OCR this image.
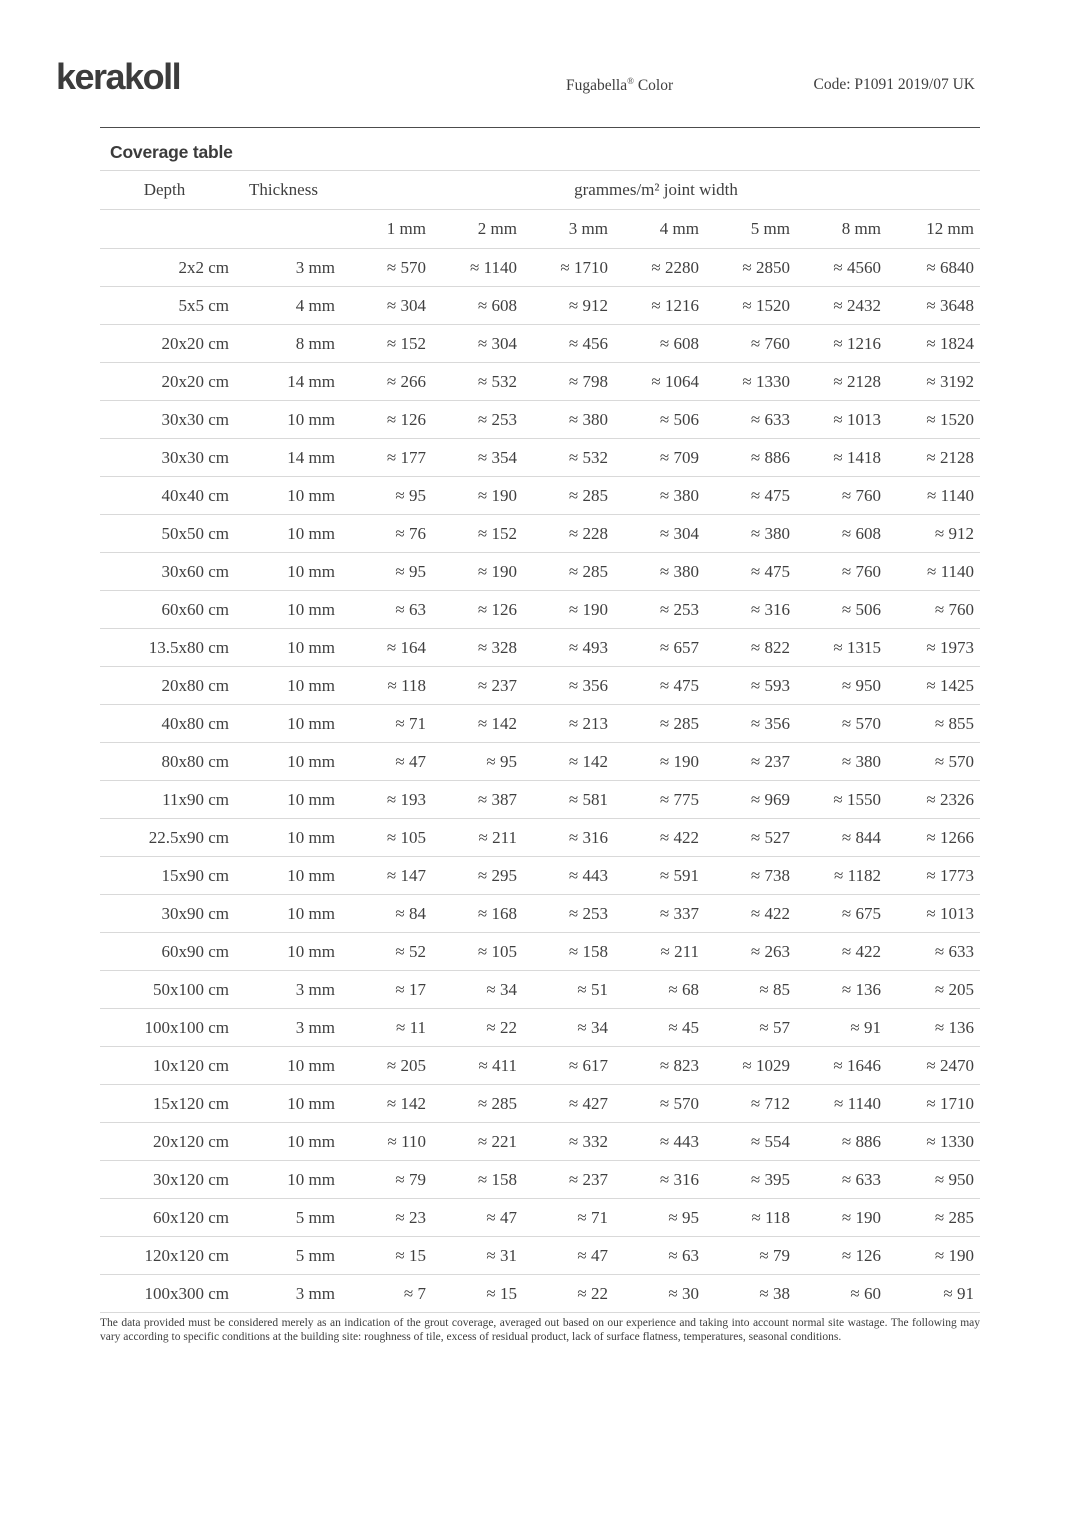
kerakoll	Fugabella® Color	Code: P1091 2019/07 UK
Coverage table
Depth	Thickness	grammes/m² joint width						
		1 mm	2 mm	3 mm	4 mm	5 mm	8 mm	12 mm
2x2 cm	3 mm	≈ 570	≈ 1140	≈ 1710	≈ 2280	≈ 2850	≈ 4560	≈ 6840
5x5 cm	4 mm	≈ 304	≈ 608	≈ 912	≈ 1216	≈ 1520	≈ 2432	≈ 3648
20x20 cm	8 mm	≈ 152	≈ 304	≈ 456	≈ 608	≈ 760	≈ 1216	≈ 1824
20x20 cm	14 mm	≈ 266	≈ 532	≈ 798	≈ 1064	≈ 1330	≈ 2128	≈ 3192
30x30 cm	10 mm	≈ 126	≈ 253	≈ 380	≈ 506	≈ 633	≈ 1013	≈ 1520
30x30 cm	14 mm	≈ 177	≈ 354	≈ 532	≈ 709	≈ 886	≈ 1418	≈ 2128
40x40 cm	10 mm	≈ 95	≈ 190	≈ 285	≈ 380	≈ 475	≈ 760	≈ 1140
50x50 cm	10 mm	≈ 76	≈ 152	≈ 228	≈ 304	≈ 380	≈ 608	≈ 912
30x60 cm	10 mm	≈ 95	≈ 190	≈ 285	≈ 380	≈ 475	≈ 760	≈ 1140
60x60 cm	10 mm	≈ 63	≈ 126	≈ 190	≈ 253	≈ 316	≈ 506	≈ 760
13.5x80 cm	10 mm	≈ 164	≈ 328	≈ 493	≈ 657	≈ 822	≈ 1315	≈ 1973
20x80 cm	10 mm	≈ 118	≈ 237	≈ 356	≈ 475	≈ 593	≈ 950	≈ 1425
40x80 cm	10 mm	≈ 71	≈ 142	≈ 213	≈ 285	≈ 356	≈ 570	≈ 855
80x80 cm	10 mm	≈ 47	≈ 95	≈ 142	≈ 190	≈ 237	≈ 380	≈ 570
11x90 cm	10 mm	≈ 193	≈ 387	≈ 581	≈ 775	≈ 969	≈ 1550	≈ 2326
22.5x90 cm	10 mm	≈ 105	≈ 211	≈ 316	≈ 422	≈ 527	≈ 844	≈ 1266
15x90 cm	10 mm	≈ 147	≈ 295	≈ 443	≈ 591	≈ 738	≈ 1182	≈ 1773
30x90 cm	10 mm	≈ 84	≈ 168	≈ 253	≈ 337	≈ 422	≈ 675	≈ 1013
60x90 cm	10 mm	≈ 52	≈ 105	≈ 158	≈ 211	≈ 263	≈ 422	≈ 633
50x100 cm	3 mm	≈ 17	≈ 34	≈ 51	≈ 68	≈ 85	≈ 136	≈ 205
100x100 cm	3 mm	≈ 11	≈ 22	≈ 34	≈ 45	≈ 57	≈ 91	≈ 136
10x120 cm	10 mm	≈ 205	≈ 411	≈ 617	≈ 823	≈ 1029	≈ 1646	≈ 2470
15x120 cm	10 mm	≈ 142	≈ 285	≈ 427	≈ 570	≈ 712	≈ 1140	≈ 1710
20x120 cm	10 mm	≈ 110	≈ 221	≈ 332	≈ 443	≈ 554	≈ 886	≈ 1330
30x120 cm	10 mm	≈ 79	≈ 158	≈ 237	≈ 316	≈ 395	≈ 633	≈ 950
60x120 cm	5 mm	≈ 23	≈ 47	≈ 71	≈ 95	≈ 118	≈ 190	≈ 285
120x120 cm	5 mm	≈ 15	≈ 31	≈ 47	≈ 63	≈ 79	≈ 126	≈ 190
100x300 cm	3 mm	≈ 7	≈ 15	≈ 22	≈ 30	≈ 38	≈ 60	≈ 91
The data provided must be considered merely as an indication of the grout coverage, averaged out based on our experience and taking into account normal site wastage. The following may vary according to specific conditions at the building site: roughness of tile, excess of residual product, lack of surface flatness, temperatures, seasonal conditions.
